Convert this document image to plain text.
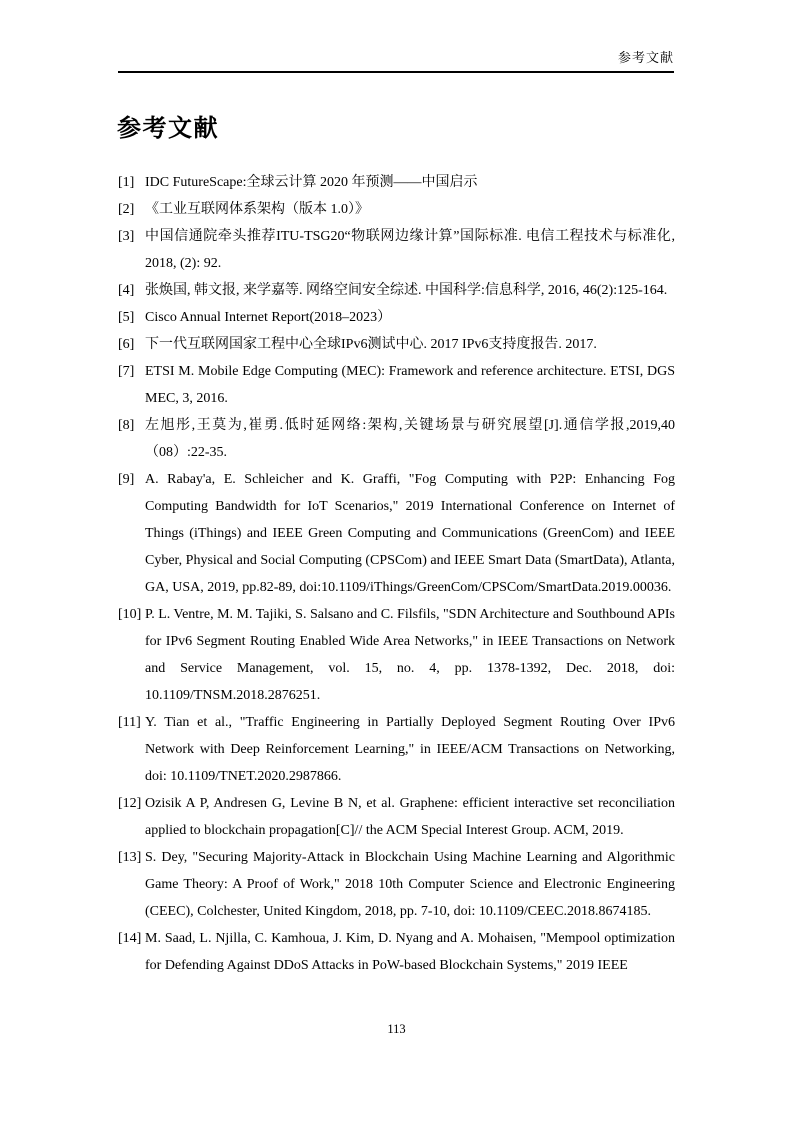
参考文献
参考文献
[1] IDC FutureScape:全球云计算 2020 年预测——中国启示
[2] 《工业互联网体系架构（版本 1.0）》
[3] 中国信通院牵头推荐ITU-TSG20“物联网边缘计算”国际标准. 电信工程技术与标准化, 2018, (2): 92.
[4] 张焕国, 韩文报, 来学嘉等. 网络空间安全综述. 中国科学:信息科学, 2016, 46(2):125-164.
[5] Cisco Annual Internet Report(2018–2023）
[6] 下一代互联网国家工程中心全球IPv6测试中心. 2017 IPv6支持度报告. 2017.
[7] ETSI M. Mobile Edge Computing (MEC): Framework and reference architecture. ETSI, DGS MEC, 3, 2016.
[8] 左旭彤,王莫为,崔勇.低时延网络:架构,关键场景与研究展望[J].通信学报,2019,40（08）:22-35.
[9] A. Rabay'a, E. Schleicher and K. Graffi, "Fog Computing with P2P: Enhancing Fog Computing Bandwidth for IoT Scenarios," 2019 International Conference on Internet of Things (iThings) and IEEE Green Computing and Communications (GreenCom) and IEEE Cyber, Physical and Social Computing (CPSCom) and IEEE Smart Data (SmartData), Atlanta, GA, USA, 2019, pp.82-89, doi:10.1109/iThings/GreenCom/CPSCom/SmartData.2019.00036.
[10] P. L. Ventre, M. M. Tajiki, S. Salsano and C. Filsfils, "SDN Architecture and Southbound APIs for IPv6 Segment Routing Enabled Wide Area Networks," in IEEE Transactions on Network and Service Management, vol. 15, no. 4, pp. 1378-1392, Dec. 2018, doi: 10.1109/TNSM.2018.2876251.
[11] Y. Tian et al., "Traffic Engineering in Partially Deployed Segment Routing Over IPv6 Network with Deep Reinforcement Learning," in IEEE/ACM Transactions on Networking, doi: 10.1109/TNET.2020.2987866.
[12] Ozisik A P, Andresen G, Levine B N, et al. Graphene: efficient interactive set reconciliation applied to blockchain propagation[C]// the ACM Special Interest Group. ACM, 2019.
[13] S. Dey, "Securing Majority-Attack in Blockchain Using Machine Learning and Algorithmic Game Theory: A Proof of Work," 2018 10th Computer Science and Electronic Engineering (CEEC), Colchester, United Kingdom, 2018, pp. 7-10, doi: 10.1109/CEEC.2018.8674185.
[14] M. Saad, L. Njilla, C. Kamhoua, J. Kim, D. Nyang and A. Mohaisen, "Mempool optimization for Defending Against DDoS Attacks in PoW-based Blockchain Systems," 2019 IEEE
113
